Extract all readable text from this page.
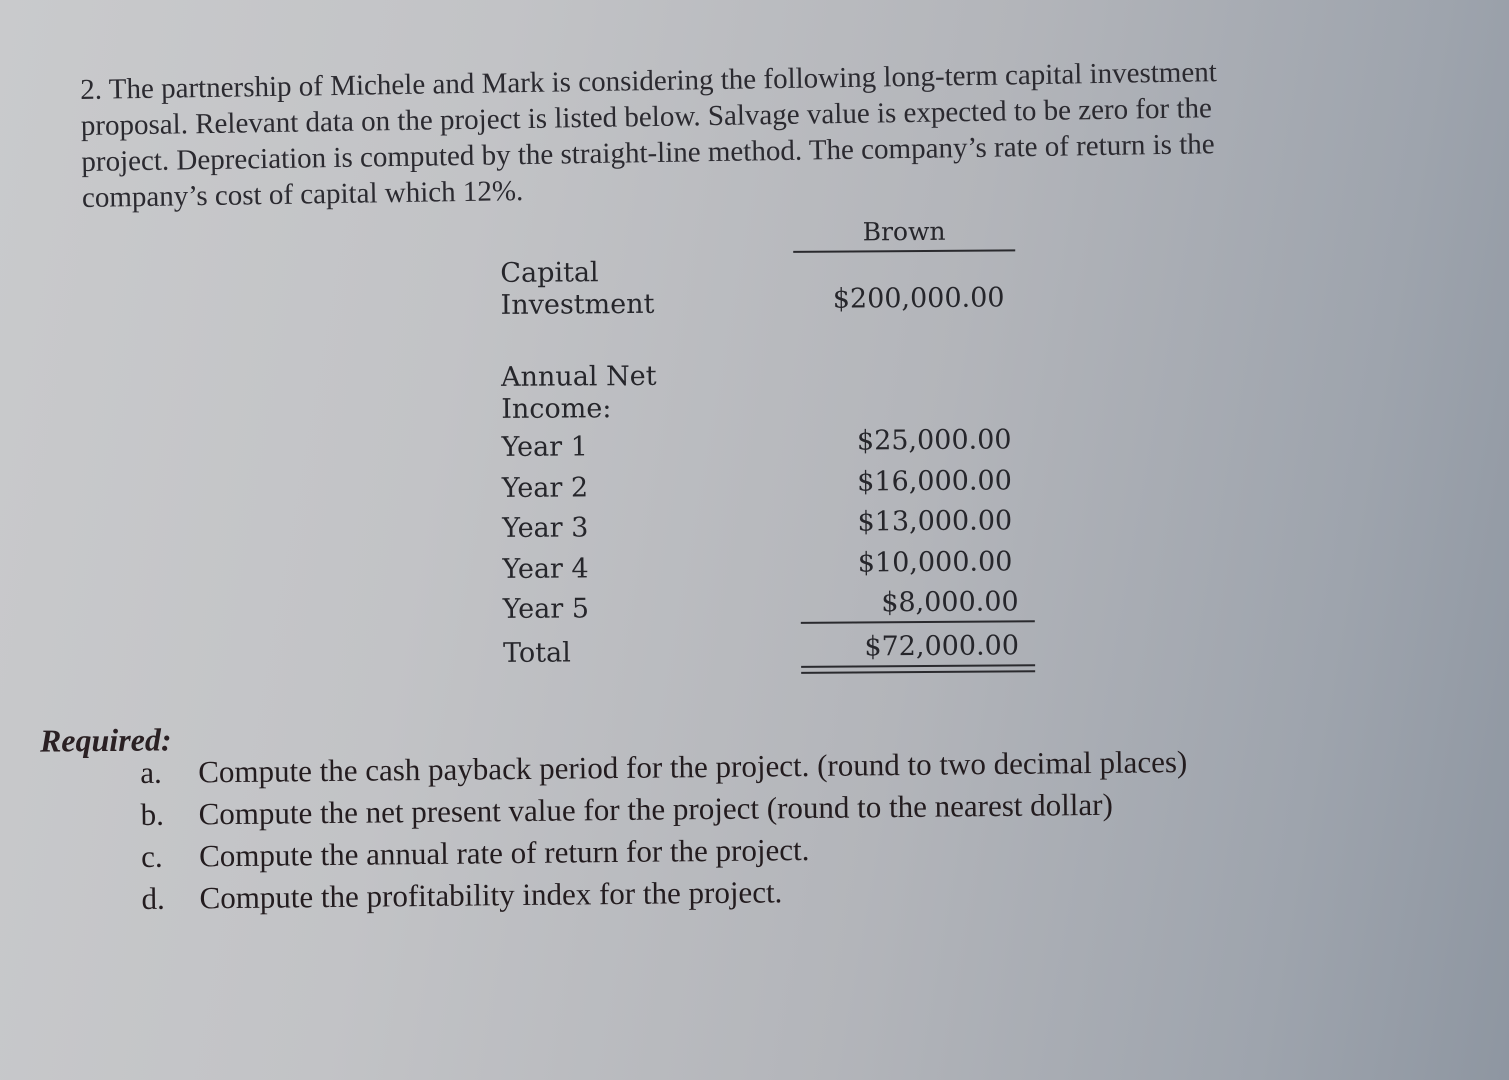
2. The partnership of Michele and Mark is considering the following long-term capital investment
proposal. Relevant data on the project is listed below. Salvage value is expected to be zero for the
project. Depreciation is computed by the straight-line method. The company’s rate of return is the
company’s cost of capital which 12%.
Brown
Capital
Investment	$200,000.00
Annual Net
Income:
Year 1	$25,000.00
Year 2	$16,000.00
Year 3	$13,000.00
Year 4	$10,000.00
Year 5	$8,000.00
Total	$72,000.00
Required:
a.	Compute the cash payback period for the project. (round to two decimal places)
b.	Compute the net present value for the project (round to the nearest dollar)
c.	Compute the annual rate of return for the project.
d.	Compute the profitability index for the project.
